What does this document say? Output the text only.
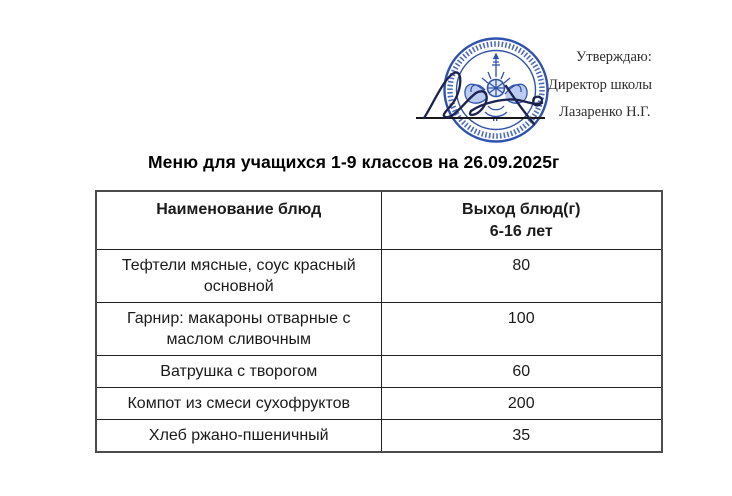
Утверждаю:
Директор школы
Лазаренко Н.Г.
Меню для учащихся 1-9 классов на 26.09.2025г
Наименование блюд	Выход блюд(г)
6-16 лет

Тефтели мясные, соус красный основной	80
Гарнир: макароны отварные с маслом сливочным	100
Ватрушка с творогом	60
Компот из смеси сухофруктов	200
Хлеб ржано-пшеничный	35
